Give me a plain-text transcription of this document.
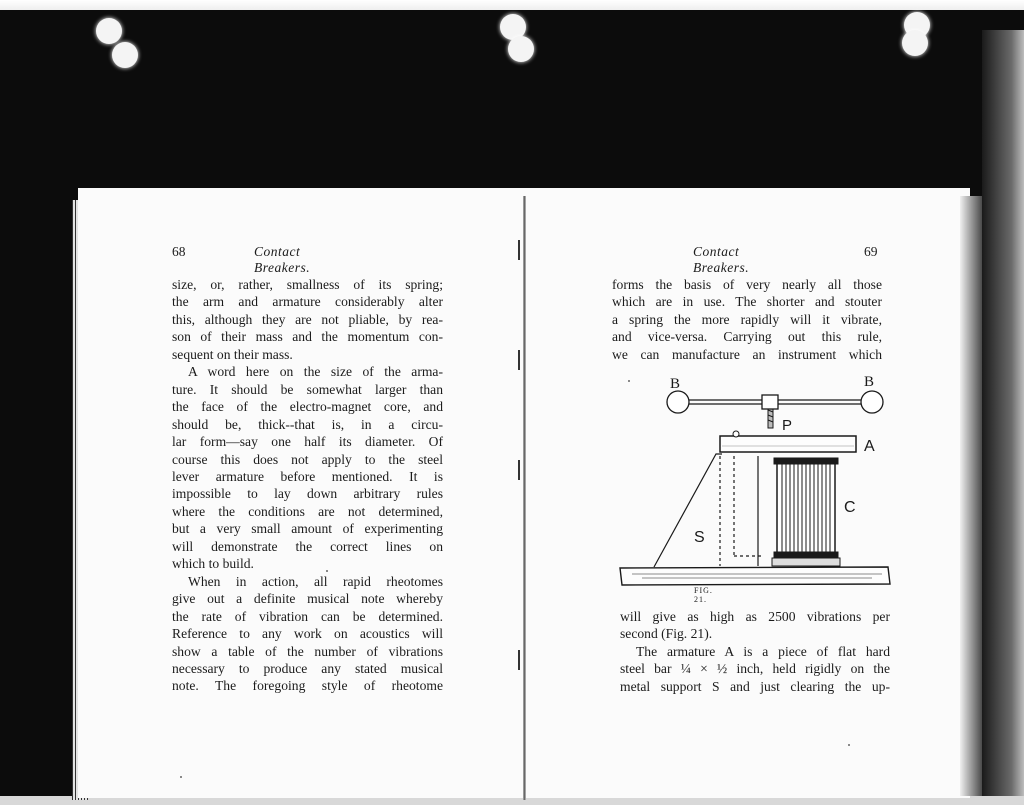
68	Contact Breakers.
size, or, rather, smallness of its spring;
the arm and armature considerably alter
this, although they are not pliable, by rea-
son of their mass and the momentum con-
sequent on their mass.
A word here on the size of the arma-
ture. It should be somewhat larger than
the face of the electro-magnet core, and
should be, thick--that is, in a circu-
lar form—say one half its diameter. Of
course this does not apply to the steel
lever armature before mentioned. It is
impossible to lay down arbitrary rules
where the conditions are not determined,
but a very small amount of experimenting
will demonstrate the correct lines on
which to build.
When in action, all rapid rheotomes
give out a definite musical note whereby
the rate of vibration can be determined.
Reference to any work on acoustics will
show a table of the number of vibrations
necessary to produce any stated musical
note. The foregoing style of rheotome
Contact Breakers.
69
forms the basis of very nearly all those
which are in use. The shorter and stouter
a spring the more rapidly will it vibrate,
and vice-versa. Carrying out this rule,
we can manufacture an instrument which
B	B
P
A
C
S
FIG. 21.
will give as high as 2500 vibrations per
second (Fig. 21).
The armature A is a piece of flat hard
steel bar ¼ × ½ inch, held rigidly on the
metal support S and just clearing the up-
